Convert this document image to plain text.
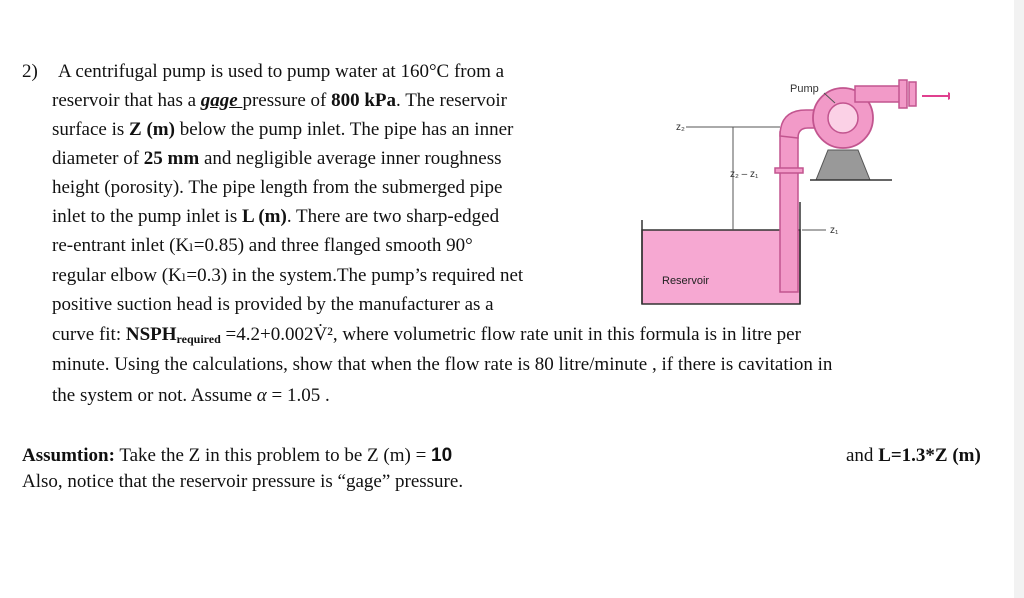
2) A centrifugal pump is used to pump water at 160°C from a
reservoir that has a gage pressure of 800 kPa. The reservoir
surface is Z (m) below the pump inlet. The pipe has an inner
diameter of 25 mm and negligible average inner roughness
height (porosity). The pipe length from the submerged pipe
inlet to the pump inlet is L (m). There are two sharp-edged
re-entrant inlet (Kₗ=0.85) and three flanged smooth 90°
regular elbow (Kₗ=0.3) in the system.The pump’s required net
positive suction head is provided by the manufacturer as a
curve fit: $NSPH_{required}$ =4.2+0.002V̇², where volumetric flow rate unit in this formula is in litre per
minute. Using the calculations, show that when the flow rate is 80 litre/minute , if there is cavitation in
the system or not. Assume α = 1.05 .
Assumtion: Take the Z in this problem to be Z (m) = 10	and L=1.3*Z (m)
Also, notice that the reservoir pressure is “gage” pressure.
z₁
z₂
z₂ – z₁
Pump
Reservoir
